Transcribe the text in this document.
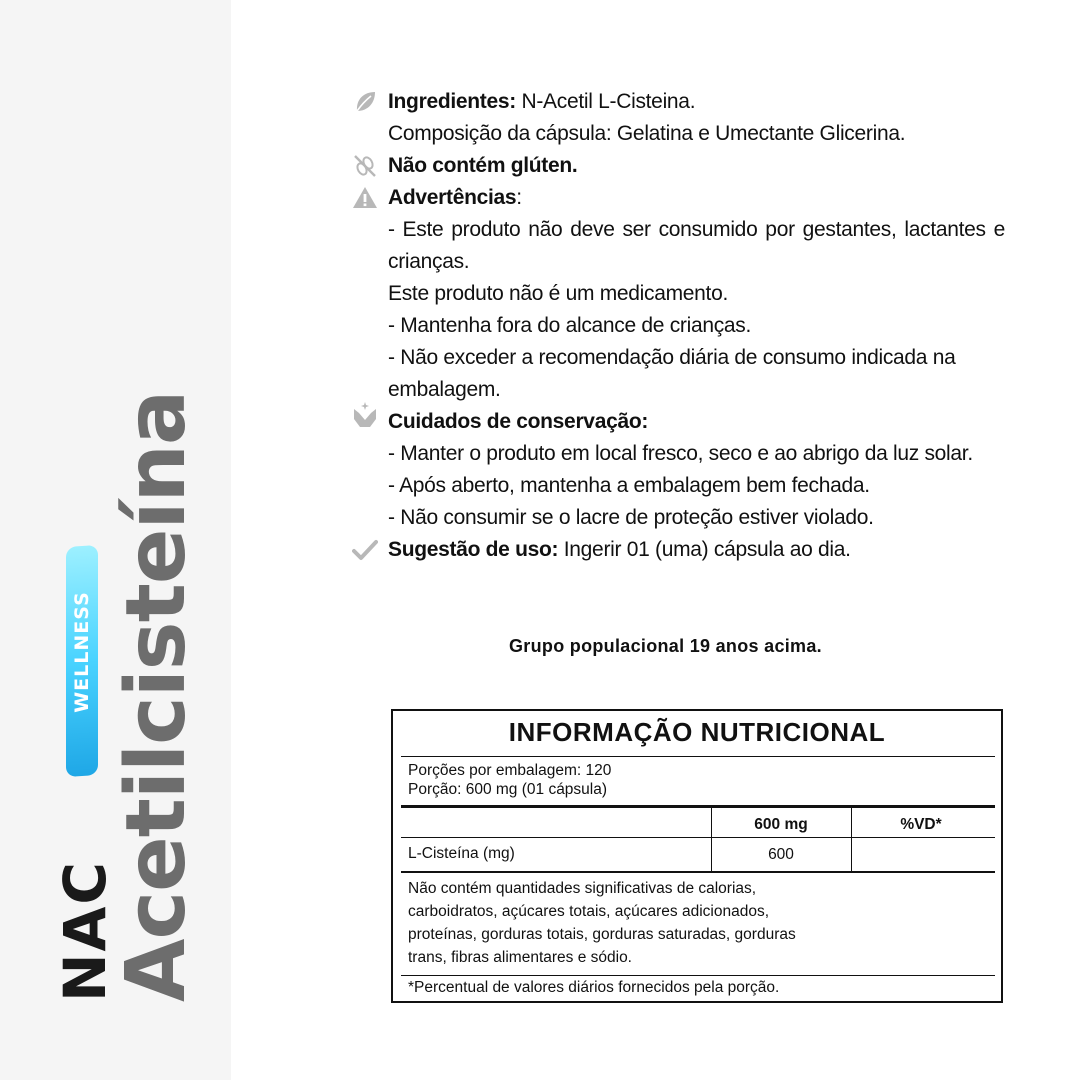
NAC
Acetilcisteína
WELLNESS
Ingredientes: N-Acetil L-Cisteina.
Composição da cápsula: Gelatina e Umectante Glicerina.
Não contém glúten.
Advertências:
- Este produto não deve ser consumido por gestantes, lactantes e crianças.
Este produto não é um medicamento.
- Mantenha fora do alcance de crianças.
- Não exceder a recomendação diária de consumo indicada na embalagem.
Cuidados de conservação:
- Manter o produto em local fresco, seco e ao abrigo da luz solar.
- Após aberto, mantenha a embalagem bem fechada.
- Não consumir se o lacre de proteção estiver violado.
Sugestão de uso: Ingerir 01 (uma) cápsula ao dia.
Grupo populacional 19 anos acima.
INFORMAÇÃO NUTRICIONAL
Porções por embalagem: 120
Porção: 600 mg (01 cápsula)
600 mg	%VD*
L-Cisteína (mg)	600
Não contém quantidades significativas de calorias,
carboidratos, açúcares totais, açúcares adicionados,
proteínas, gorduras totais, gorduras saturadas, gorduras
trans, fibras alimentares e sódio.
*Percentual de valores diários fornecidos pela porção.
